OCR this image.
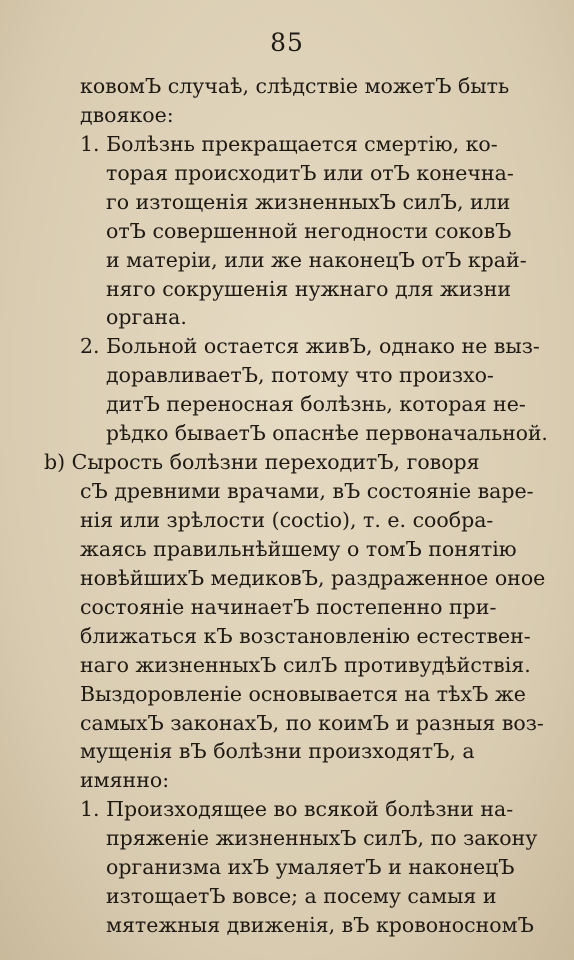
85
ковомЪ случаѣ, слѣдствіе можетЪ быть
двоякое:
1. Болѣзнь прекращается смертію, ко-
торая происходитЪ или отЪ конечна-
го изтощенія жизненныхЪ силЪ, или
отЪ совершенной негодности соковЪ
и матеріи, или же наконецЪ отЪ край-
няго сокрушенія нужнаго для жизни
органа.
2. Больной остается живЪ, однако не выз-
доравливаетЪ, потому что произхо-
дитЪ переносная болѣзнь, которая не-
рѣдко бываетЪ опаснѣе первоначальной.
b) Сырость болѣзни переходитЪ, говоря
сЪ древними врачами, вЪ состояніе варе-
нія или зрѣлости (coctio), т. е. сообра-
жаясь правильнѣйшему о томЪ понятію
новѣйшихЪ медиковЪ, раздраженное оное
состояніе начинаетЪ постепенно при-
ближаться кЪ возстановленію естествен-
наго жизненныхЪ силЪ противудѣйствія.
Выздоровленіе основывается на тѣхЪ же
самыхЪ законахЪ, по коимЪ и разныя воз-
мущенія вЪ болѣзни произходятЪ, а
имянно:
1. Произходящее во всякой болѣзни на-
пряженіе жизненныхЪ силЪ, по закону
организма ихЪ умаляетЪ и наконецЪ
изтощаетЪ вовсе; а посему самыя и
мятежныя движенія, вЪ кровоносномЪ
